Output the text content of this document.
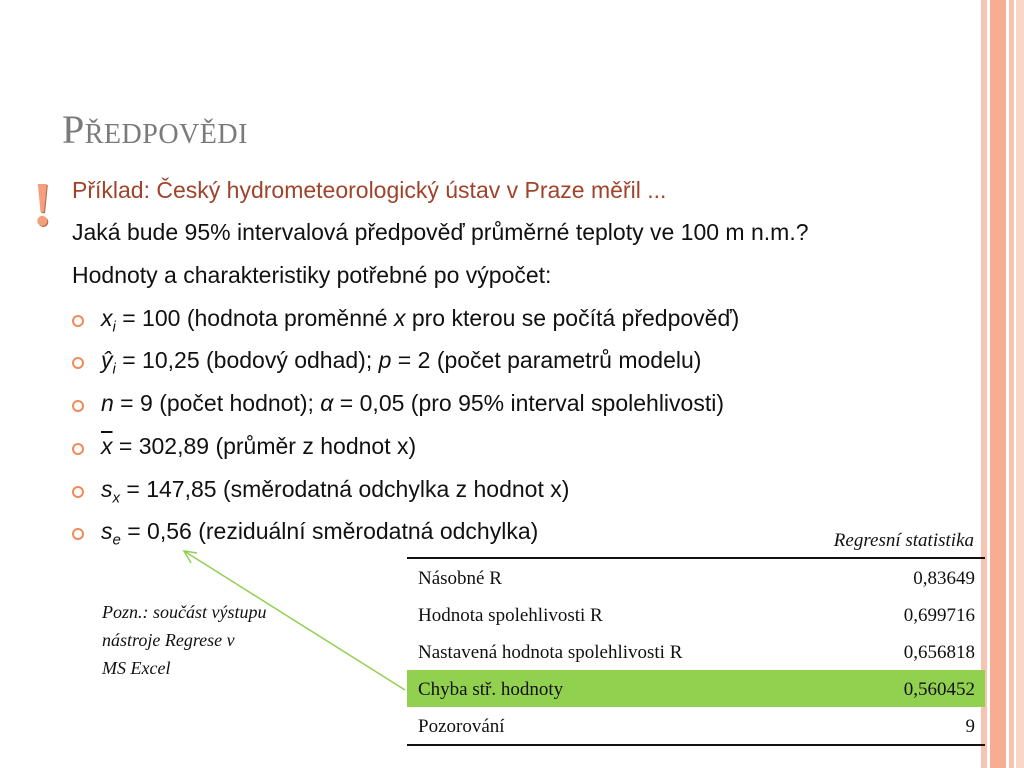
Předpovědi
! Příklad: Český hydrometeorologický ústav v Praze měřil ...
Jaká bude 95% intervalová předpověď průměrné teploty ve 100 m n.m.?
Hodnoty a charakteristiky potřebné po výpočet:
$x_i = 100$ (hodnota proměnné x pro kterou se počítá předpověď)
$ŷ_i = 10,25$ (bodový odhad); p = 2 (počet parametrů modelu)
n = 9 (počet hodnot); α = 0,05 (pro 95% interval spolehlivosti)
$\overline{x} = 302,89$ (průměr z hodnot x)
$s_x = 147,85$ (směrodatná odchylka z hodnot x)
$s_e = 0,56$ (reziduální směrodatná odchylka)
Pozn.: součást výstupu
nástroje Regrese v
MS Excel
Regresní statistika
Násobné R	0,83649
Hodnota spolehlivosti R	0,699716
Nastavená hodnota spolehlivosti R	0,656818
Chyba stř. hodnoty	0,560452
Pozorování	9
